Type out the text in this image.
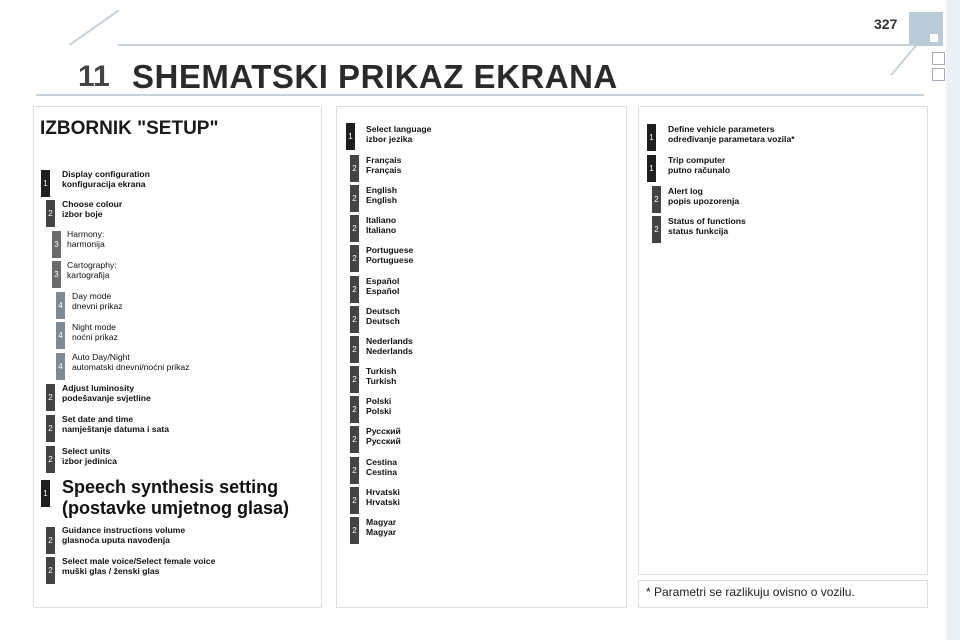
327
11 SHEMATSKI PRIKAZ EKRANA
IZBORNIK "SETUP"
1
Display configuration
konfiguracija ekrana
2
Choose colour
izbor boje
3
Harmony:
harmonija
3
Cartography:
kartografija
4
Day mode
dnevni prikaz
4
Night mode
noćni prikaz
4
Auto Day/Night
automatski dnevni/noćni prikaz
2
Adjust luminosity
podešavanje svjetline
2
Set date and time
namještanje datuma i sata
2
Select units
izbor jedinica
1 Speech synthesis setting
(postavke umjetnog glasa)
2
Guidance instructions volume
glasnoća uputa navođenja
2
Select male voice/Select female voice
muški glas / ženski glas
1
Select language
izbor jezika
2
Français
Français
2
English
English
2
Italiano
Italiano
2
Portuguese
Portuguese
2
Español
Español
2
Deutsch
Deutsch
2
Nederlands
Nederlands
2
Turkish
Turkish
2
Polski
Polski
2
Русский
Русский
2
Cestina
Cestina
2
Hrvatski
Hrvatski
2
Magyar
Magyar
1
Define vehicle parameters
određivanje parametara vozila*
1
Trip computer
putno računalo
2
Alert log
popis upozorenja
2
Status of functions
status funkcija
* Parametri se razlikuju ovisno o vozilu.
